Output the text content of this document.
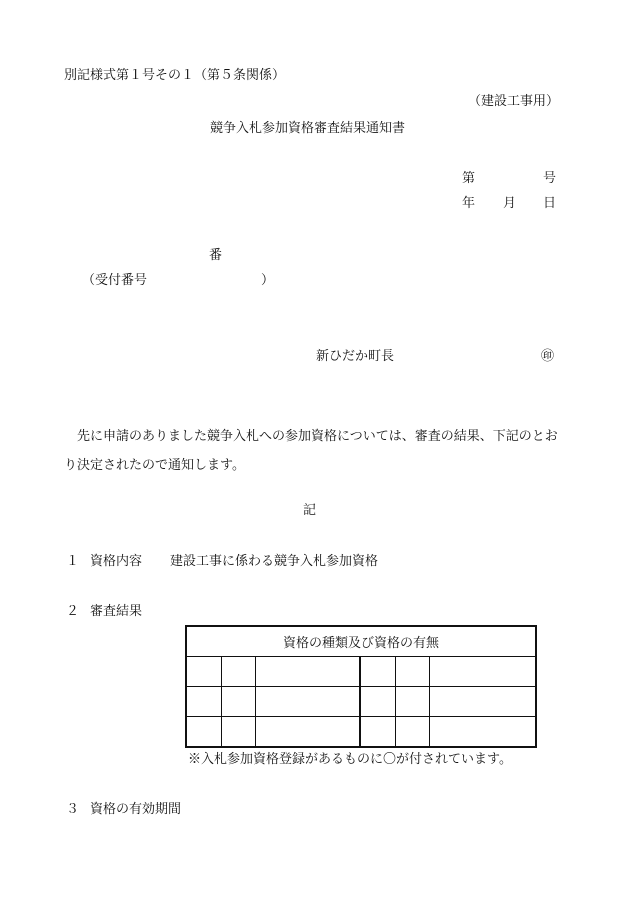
別記様式第１号その１（第５条関係）
（建設工事用）
競争入札参加資格審査結果通知書
第	号
年 月 日
番
（受付番号	）
新ひだか町長	㊞
先に申請のありました競争入札への参加資格については、審査の結果、下記のとおり決定されたので通知します。
記
１ 資格内容 建設工事に係わる競争入札参加資格
２ 審査結果
資格の種類及び資格の有無					

※入札参加資格登録があるものに〇が付されています。
３ 資格の有効期間
